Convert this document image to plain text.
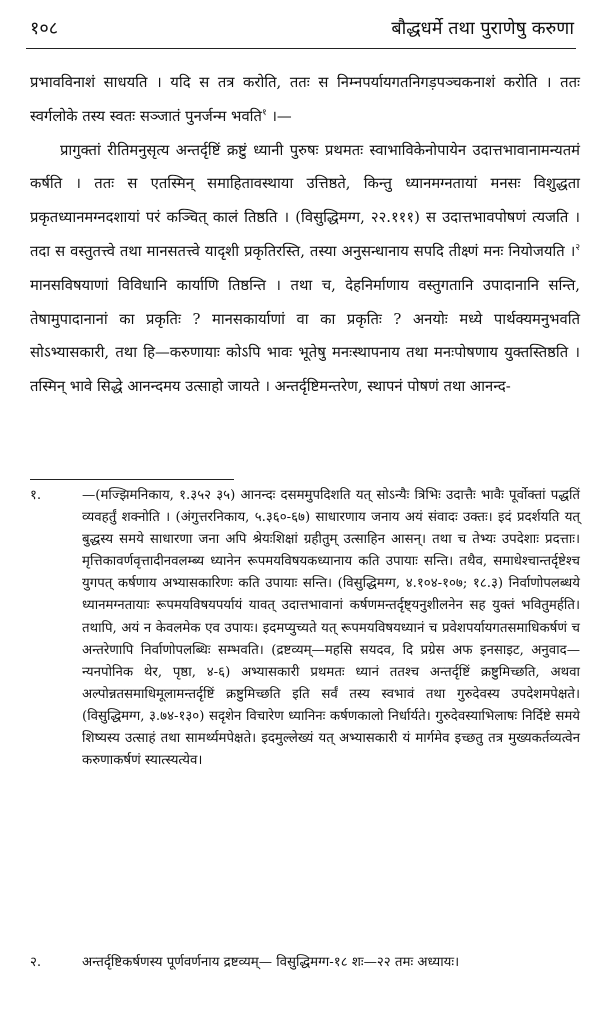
१०८	बौद्धधर्मे तथा पुराणेषु करुणा

प्रभावविनाशं साधयति । यदि स तत्र करोति, ततः स निम्नपर्यायगतनिगड़पञ्चकनाशं करोति । ततः स्वर्गलोके तस्य स्वतः सञ्जातं पुनर्जन्म भवति$^१$ ।—

प्रागुक्तां रीतिमनुसृत्य अन्तर्दृष्टिं क्रष्टुं ध्यानी पुरुषः प्रथमतः स्वाभाविकेनोपायेन उदात्तभावानामन्यतमं कर्षति । ततः स एतस्मिन् समाहितावस्थाया उत्तिष्ठते, किन्तु ध्यानमग्नतायां मनसः विशुद्धता प्रकृतध्यानमग्नदशायां परं कञ्चित् कालं तिष्ठति । (विसुद्धिमग्ग, २२.१११) स उदात्तभावपोषणं त्यजति । तदा स वस्तुतत्त्वे तथा मानसतत्त्वे यादृशी प्रकृतिरस्ति, तस्या अनुसन्धानाय सपदि तीक्ष्णं मनः नियोजयति ।$^२$ मानसविषयाणां विविधानि कार्याणि तिष्ठन्ति । तथा च, देहनिर्माणाय वस्तुगतानि उपादानानि सन्ति, तेषामुपादानानां का प्रकृतिः ? मानसकार्याणां वा का प्रकृतिः ? अनयोः मध्ये पार्थक्यमनुभवति सोऽभ्यासकारी, तथा हि—करुणायाः कोऽपि भावः भूतेषु मनःस्थापनाय तथा मनःपोषणाय युक्तस्तिष्ठति । तस्मिन् भावे सिद्धे आनन्दमय उत्साहो जायते । अन्तर्दृष्टिमन्तरेण, स्थापनं पोषणं तथा आनन्द-

१.	—(मज्झिमनिकाय, १.३५२ ३५) आनन्दः दसममुपदिशति यत् सोऽन्यैः त्रिभिः उदात्तैः भावैः पूर्वोक्तां पद्धतिं व्यवहर्तुं शक्नोति । (अंगुत्तरनिकाय, ५.३६०-६७) साधारणाय जनाय अयं संवादः उक्तः। इदं प्रदर्शयति यत् बुद्धस्य समये साधारणा जना अपि श्रेयःशिक्षां ग्रहीतुम् उत्साहिन आसन्। तथा च तेभ्यः उपदेशाः प्रदत्ताः। मृत्तिकावर्णवृत्तादीनवलम्ब्य ध्यानेन रूपमयविषयकध्यानाय कति उपायाः सन्ति। तथैव, समाधेश्चान्तर्दृष्टेश्च युगपत् कर्षणाय अभ्यासकारिणः कति उपायाः सन्ति। (विसुद्धिमग्ग, ४.१०४-१०७; १८.३) निर्वाणोपलब्धये ध्यानमग्नतायाः रूपमयविषयपर्यायं यावत् उदात्तभावानां कर्षणमन्तर्दृष्ट्यनुशीलनेन सह युक्तं भवितुमर्हति। तथापि, अयं न केवलमेक एव उपायः। इदमप्युच्यते यत् रूपमयविषयध्यानं च प्रवेशपर्यायगतसमाधिकर्षणं च अन्तरेणापि निर्वाणोपलब्धिः सम्भवति। (द्रष्टव्यम्—महसि सयदव, दि प्रग्रेस अफ इनसाइट, अनुवाद—न्यनपोनिक थेर, पृष्ठा, ४-६) अभ्यासकारी प्रथमतः ध्यानं ततश्च अन्तर्दृष्टिं क्रष्टुमिच्छति, अथवा अल्पोन्नतसमाधिमूलामन्तर्दृष्टिं क्रष्टुमिच्छति इति सर्वं तस्य स्वभावं तथा गुरुदेवस्य उपदेशमपेक्षते। (विसुद्धिमग्ग, ३.७४-१३०) सदृशेन विचारेण ध्यानिनः कर्षणकालो निर्धार्यते। गुरुदेवस्याभिलाषः निर्दिष्टे समये शिष्यस्य उत्साहं तथा सामर्थ्यमपेक्षते। इदमुल्लेख्यं यत् अभ्यासकारी यं मार्गमेव इच्छतु तत्र मुख्यकर्तव्यत्वेन करुणाकर्षणं स्यात्स्यत्येव।
२.	अन्तर्दृष्टिकर्षणस्य पूर्णवर्णनाय द्रष्टव्यम्— विसुद्धिमग्ग-१८ शः—२२ तमः अध्यायः।
